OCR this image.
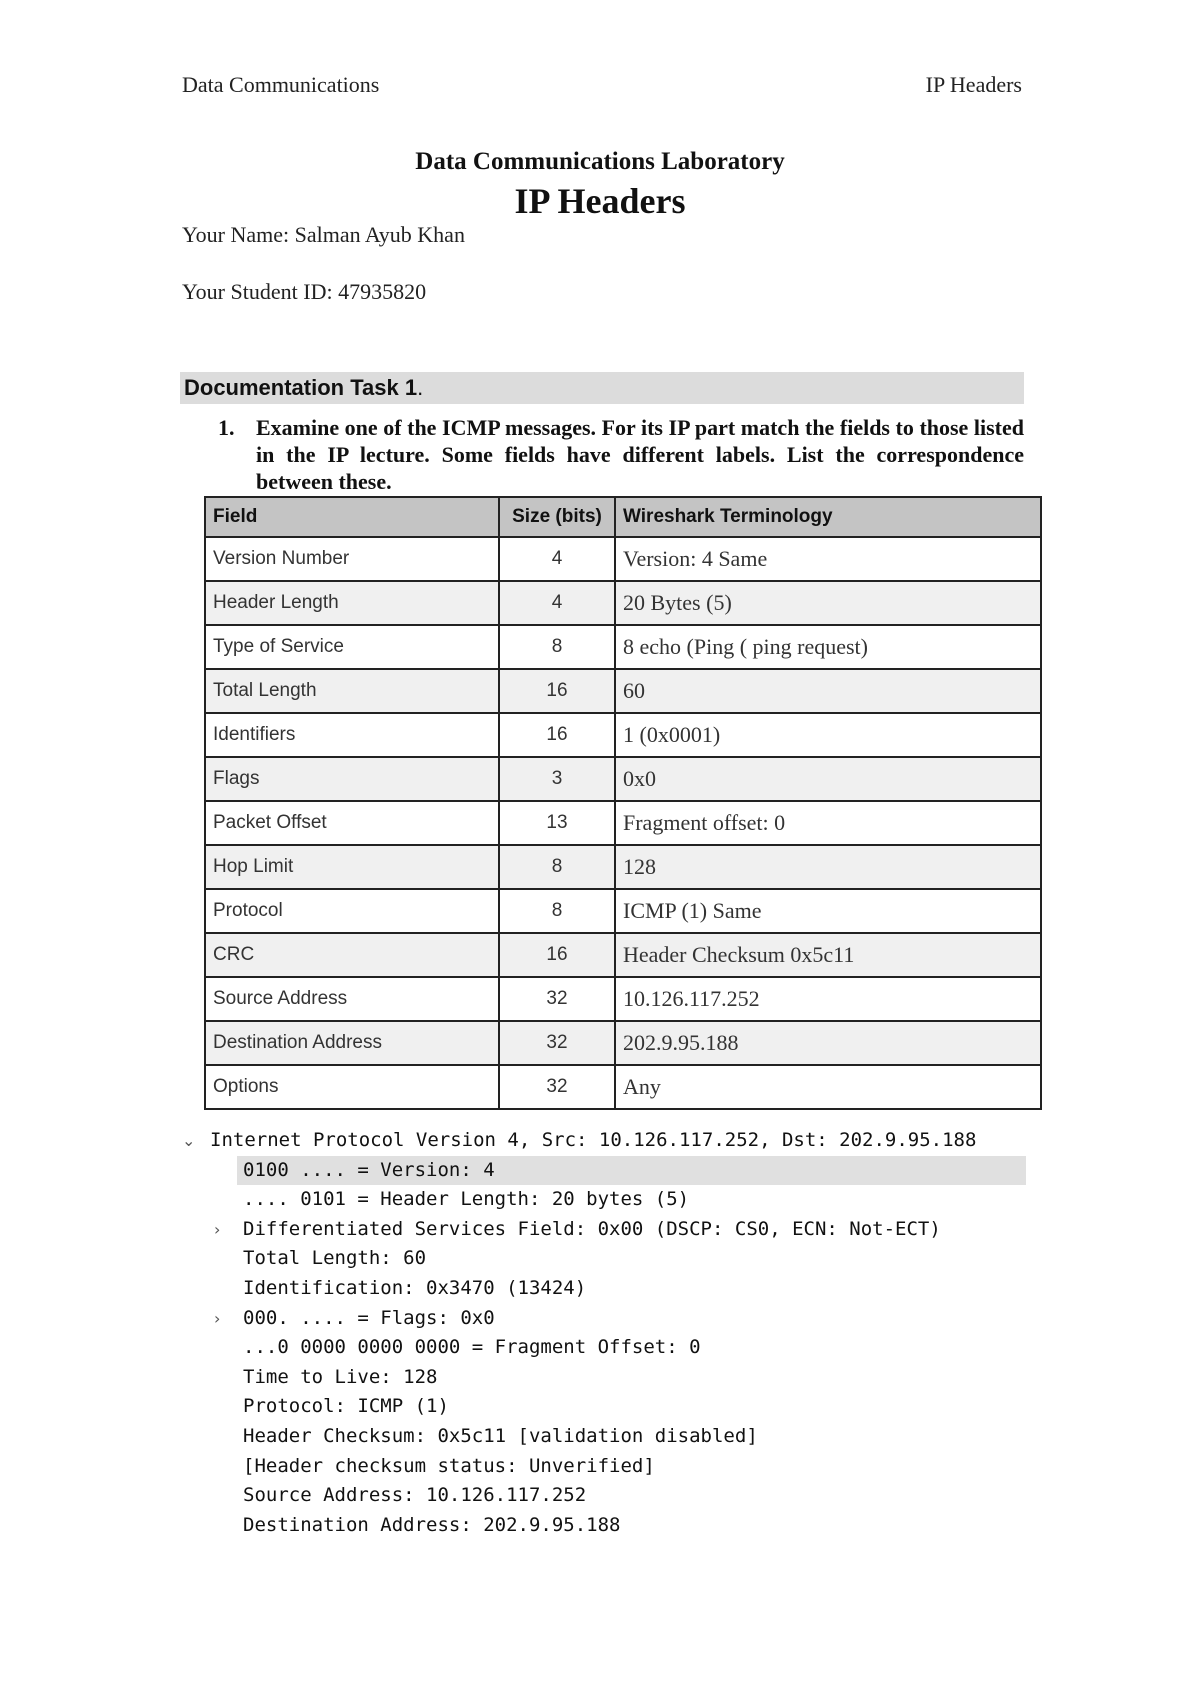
Data Communications	IP Headers
Data Communications Laboratory
IP Headers
Your Name: Salman Ayub Khan
Your Student ID: 47935820
Documentation Task 1.
1. Examine one of the ICMP messages. For its IP part match the fields to those listed in the IP lecture. Some fields have different labels. List the correspondence between these.
Field	Size (bits)	Wireshark Terminology
Version Number	4	Version: 4 Same
Header Length	4	20 Bytes (5)
Type of Service	8	8 echo (Ping ( ping request)
Total Length	16	60
Identifiers	16	1 (0x0001)
Flags	3	0x0
Packet Offset	13	Fragment offset: 0
Hop Limit	8	128
Protocol	8	ICMP (1) Same
CRC	16	Header Checksum 0x5c11
Source Address	32	10.126.117.252
Destination Address	32	202.9.95.188
Options	32	Any
⌄ Internet Protocol Version 4, Src: 10.126.117.252, Dst: 202.9.95.188
0100 .... = Version: 4
.... 0101 = Header Length: 20 bytes (5)
› Differentiated Services Field: 0x00 (DSCP: CS0, ECN: Not-ECT)
Total Length: 60
Identification: 0x3470 (13424)
› 000. .... = Flags: 0x0
...0 0000 0000 0000 = Fragment Offset: 0
Time to Live: 128
Protocol: ICMP (1)
Header Checksum: 0x5c11 [validation disabled]
[Header checksum status: Unverified]
Source Address: 10.126.117.252
Destination Address: 202.9.95.188
